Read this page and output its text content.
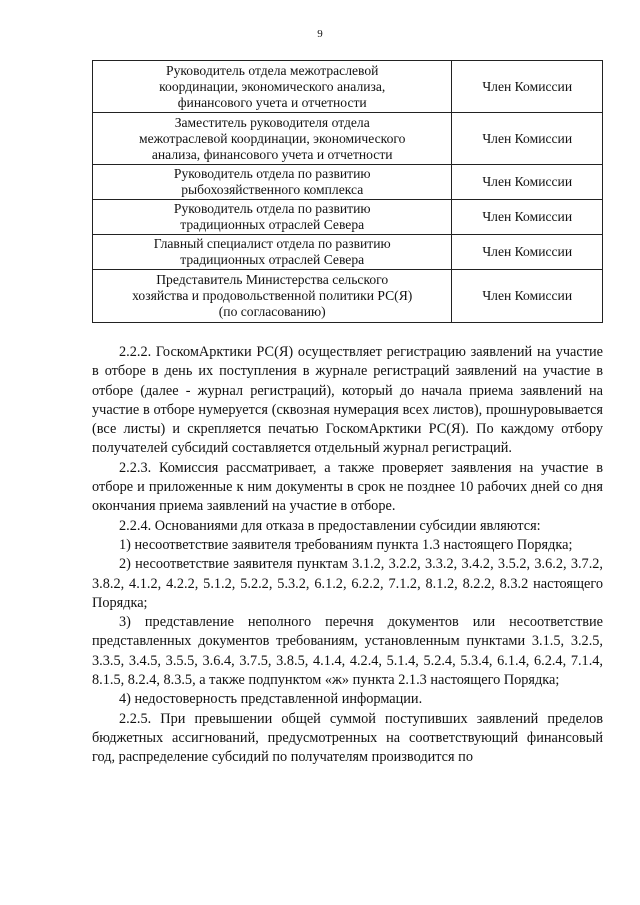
9
Руководитель отдела межотраслевой
координации, экономического анализа,
финансового учета и отчетности	Член Комиссии

Заместитель руководителя отдела
межотраслевой координации, экономического
анализа, финансового учета и отчетности	Член Комиссии

Руководитель отдела по развитию
рыбохозяйственного комплекса	Член Комиссии

Руководитель отдела по развитию
традиционных отраслей Севера	Член Комиссии

Главный специалист отдела по развитию
традиционных отраслей Севера	Член Комиссии

Представитель Министерства сельского
хозяйства и продовольственной политики РС(Я)
(по согласованию)	Член Комиссии

2.2.2. ГоскомАрктики РС(Я) осуществляет регистрацию заявлений на участие в отборе в день их поступления в журнале регистраций заявлений на участие в отборе (далее - журнал регистраций), который до начала приема заявлений на участие в отборе нумеруется (сквозная нумерация всех листов), прошнуровывается (все листы) и скрепляется печатью ГоскомАрктики РС(Я). По каждому отбору получателей субсидий составляется отдельный журнал регистраций.

2.2.3. Комиссия рассматривает, а также проверяет заявления на участие в отборе и приложенные к ним документы в срок не позднее 10 рабочих дней со дня окончания приема заявлений на участие в отборе.

2.2.4. Основаниями для отказа в предоставлении субсидии являются:

1) несоответствие заявителя требованиям пункта 1.3 настоящего Порядка;

2) несоответствие заявителя пунктам 3.1.2, 3.2.2, 3.3.2, 3.4.2, 3.5.2, 3.6.2, 3.7.2, 3.8.2, 4.1.2, 4.2.2, 5.1.2, 5.2.2, 5.3.2, 6.1.2, 6.2.2, 7.1.2, 8.1.2, 8.2.2, 8.3.2 настоящего Порядка;

3) представление неполного перечня документов или несоответствие представленных документов требованиям, установленным пунктами 3.1.5, 3.2.5, 3.3.5, 3.4.5, 3.5.5, 3.6.4, 3.7.5, 3.8.5, 4.1.4, 4.2.4, 5.1.4, 5.2.4, 5.3.4, 6.1.4, 6.2.4, 7.1.4, 8.1.5, 8.2.4, 8.3.5, а также подпунктом «ж» пункта 2.1.3 настоящего Порядка;

4) недостоверность представленной информации.

2.2.5. При превышении общей суммой поступивших заявлений пределов бюджетных ассигнований, предусмотренных на соответствующий финансовый год, распределение субсидий по получателям производится по
